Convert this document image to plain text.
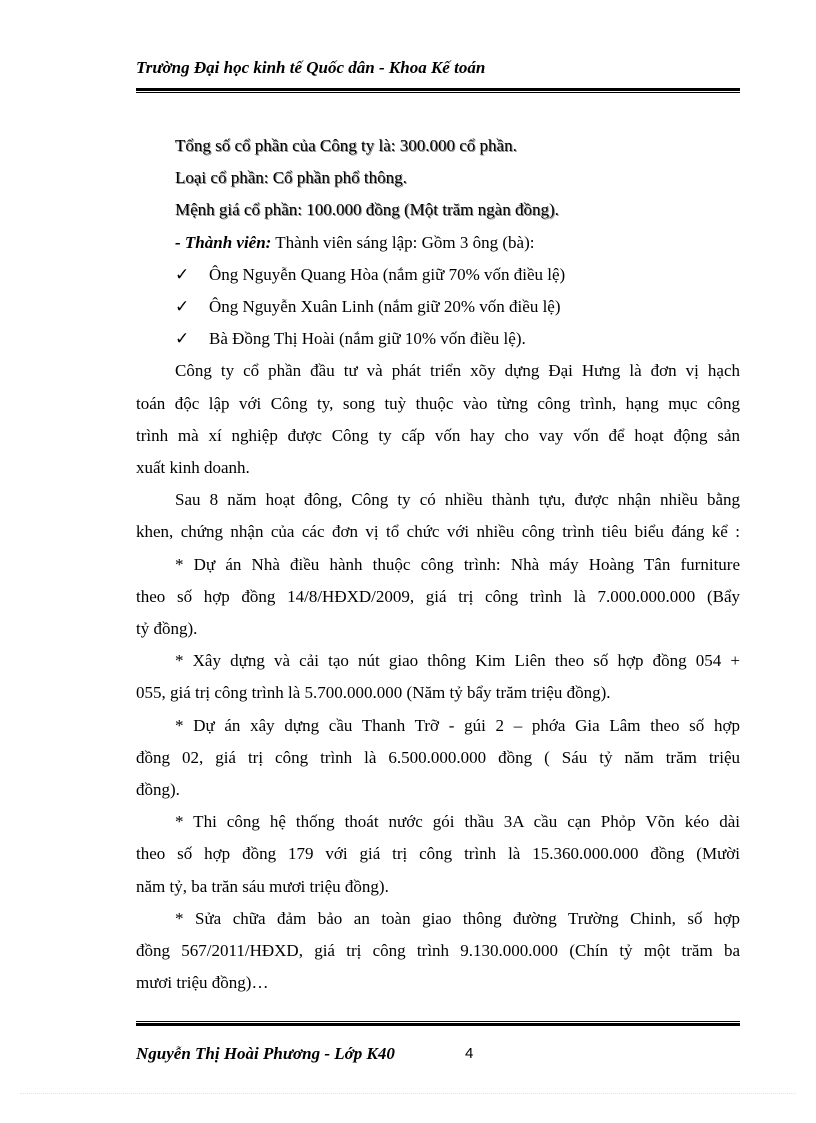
Trường Đại học kinh tế Quốc dân - Khoa Kế toán
Tổng số cổ phần của Công ty là: 300.000 cổ phần.
Loại cổ phần: Cổ phần phổ thông.
Mệnh giá cổ phần: 100.000 đồng (Một trăm ngàn đồng).
- Thành viên: Thành viên sáng lập: Gồm 3 ông (bà):
✓ Ông Nguyễn Quang Hòa (nắm giữ 70% vốn điều lệ)
✓ Ông Nguyễn Xuân Linh (nắm giữ 20% vốn điều lệ)
✓ Bà Đồng Thị Hoài (nắm giữ 10% vốn điều lệ).
Công ty cổ phần đầu tư và phát triển xõy dựng Đại Hưng là đơn vị hạch
toán độc lập với Công ty, song tuỳ thuộc vào từng công trình, hạng mục công
trình mà xí nghiệp được Công ty cấp vốn hay cho vay vốn để hoạt động sản
xuất kinh doanh.
Sau 8 năm hoạt đông, Công ty có nhiều thành tựu, được nhận nhiều bằng
khen, chứng nhận của các đơn vị tổ chức với nhiều công trình tiêu biểu đáng kể :
* Dự án Nhà điều hành thuộc công trình: Nhà máy Hoàng Tân furniture
theo số hợp đồng 14/8/HĐXD/2009, giá trị công trình là 7.000.000.000 (Bẩy
tỷ đồng).
* Xây dựng và cải tạo nút giao thông Kim Liên theo số hợp đồng 054 +
055, giá trị công trình là 5.700.000.000 (Năm tỷ bẩy trăm triệu đồng).
* Dự án xây dựng cầu Thanh Trỡ - gúi 2 – phớa Gia Lâm theo số hợp
đồng 02, giá trị công trình là 6.500.000.000 đồng ( Sáu tỷ năm trăm triệu
đồng).
* Thi công hệ thống thoát nước gói thầu 3A cầu cạn Phỏp Võn kéo dài
theo số hợp đồng 179 với giá trị công trình là 15.360.000.000 đồng (Mười
năm tỷ, ba trăn sáu mươi triệu đồng).
* Sửa chữa đảm bảo an toàn giao thông đường Trường Chinh, số hợp
đồng 567/2011/HĐXD, giá trị công trình 9.130.000.000 (Chín tỷ một trăm ba
mươi triệu đồng)…
Nguyễn Thị Hoài Phương - Lớp K40	4
